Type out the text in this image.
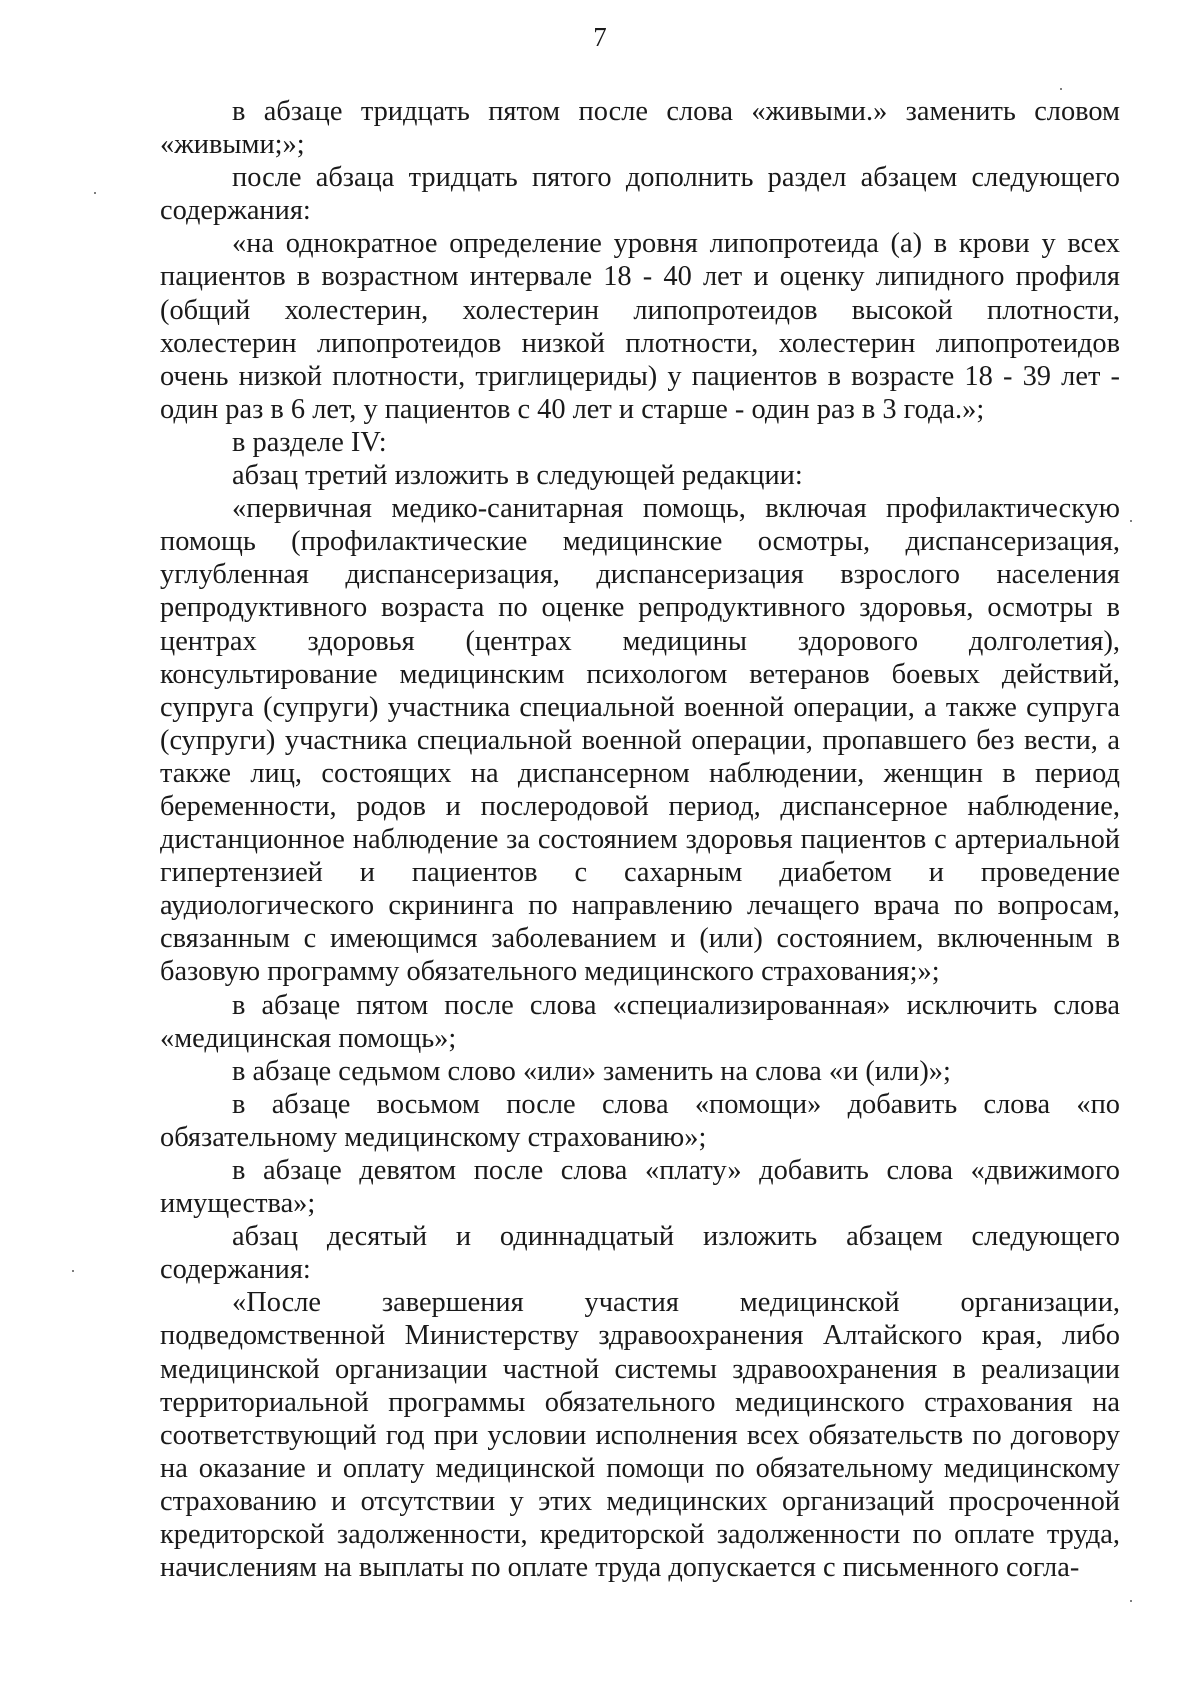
7

в абзаце тридцать пятом после слова «живыми.» заменить словом «живыми;»;

после абзаца тридцать пятого дополнить раздел абзацем следующего содержания:

«на однократное определение уровня липопротеида (а) в крови у всех пациентов в возрастном интервале 18 - 40 лет и оценку липидного профиля (общий холестерин, холестерин липопротеидов высокой плотности, холестерин липопротеидов низкой плотности, холестерин липопротеидов очень низкой плотности, триглицериды) у пациентов в возрасте 18 - 39 лет - один раз в 6 лет, у пациентов с 40 лет и старше - один раз в 3 года.»;

в разделе IV:

абзац третий изложить в следующей редакции:

«первичная медико-санитарная помощь, включая профилактическую помощь (профилактические медицинские осмотры, диспансеризация, углубленная диспансеризация, диспансеризация взрослого населения репродуктивного возраста по оценке репродуктивного здоровья, осмотры в центрах здоровья (центрах медицины здорового долголетия), консультирование медицинским психологом ветеранов боевых действий, супруга (супруги) участника специальной военной операции, а также супруга (супруги) участника специальной военной операции, пропавшего без вести, а также лиц, состоящих на диспансерном наблюдении, женщин в период беременности, родов и послеродовой период, диспансерное наблюдение, дистанционное наблюдение за состоянием здоровья пациентов с артериальной гипертензией и пациентов с сахарным диабетом и проведение аудиологического скрининга по направлению лечащего врача по вопросам, связанным с имеющимся заболеванием и (или) состоянием, включенным в базовую программу обязательного медицинского страхования;»;

в абзаце пятом после слова «специализированная» исключить слова «медицинская помощь»;

в абзаце седьмом слово «или» заменить на слова «и (или)»;

в абзаце восьмом после слова «помощи» добавить слова «по обязательному медицинскому страхованию»;

в абзаце девятом после слова «плату» добавить слова «движимого имущества»;

абзац десятый и одиннадцатый изложить абзацем следующего содержания:

«После завершения участия медицинской организации, подведомственной Министерству здравоохранения Алтайского края, либо медицинской организации частной системы здравоохранения в реализации территориальной программы обязательного медицинского страхования на соответствующий год при условии исполнения всех обязательств по договору на оказание и оплату медицинской помощи по обязательному медицинскому страхованию и отсутствии у этих медицинских организаций просроченной кредиторской задолженности, кредиторской задолженности по оплате труда, начислениям на выплаты по оплате труда допускается с письменного согла-
